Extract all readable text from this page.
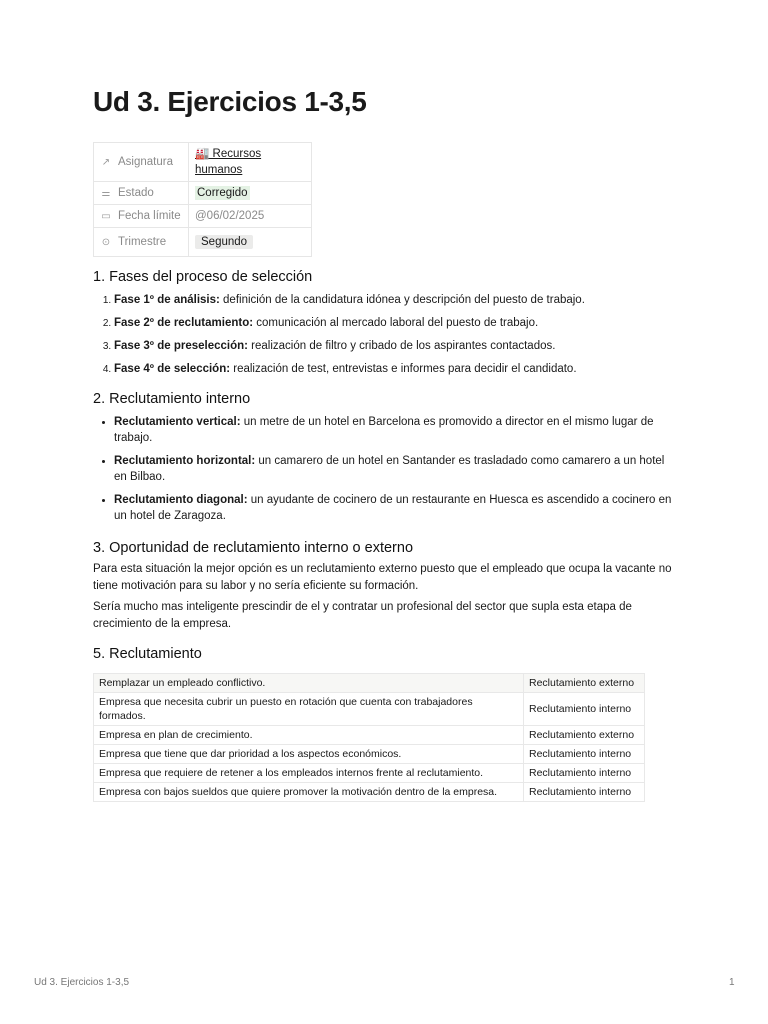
Ud 3. Ejercicios 1-3,5
↗ Asignatura	🏭 Recursos humanos
⚌ Estado	Corregido
▭ Fecha límite	@06/02/2025
⊙ Trimestre	Segundo
1. Fases del proceso de selección
1. Fase 1º de análisis: definición de la candidatura idónea y descripción del puesto de trabajo.
2. Fase 2º de reclutamiento: comunicación al mercado laboral del puesto de trabajo.
3. Fase 3º de preselección: realización de filtro y cribado de los aspirantes contactados.
4. Fase 4º de selección: realización de test, entrevistas e informes para decidir el candidato.
2. Reclutamiento interno
• Reclutamiento vertical: un metre de un hotel en Barcelona es promovido a director en el mismo lugar de trabajo.
• Reclutamiento horizontal: un camarero de un hotel en Santander es trasladado como camarero a un hotel en Bilbao.
• Reclutamiento diagonal: un ayudante de cocinero de un restaurante en Huesca es ascendido a cocinero en un hotel de Zaragoza.
3. Oportunidad de reclutamiento interno o externo

Para esta situación la mejor opción es un reclutamiento externo puesto que el empleado que ocupa la vacante no tiene motivación para su labor y no sería eficiente su formación.

Sería mucho mas inteligente prescindir de el y contratar un profesional del sector que supla esta etapa de crecimiento de la empresa.

5. Reclutamiento
Remplazar un empleado conflictivo.	Reclutamiento externo
Empresa que necesita cubrir un puesto en rotación que cuenta con trabajadores formados.	Reclutamiento interno
Empresa en plan de crecimiento.	Reclutamiento externo
Empresa que tiene que dar prioridad a los aspectos económicos.	Reclutamiento interno
Empresa que requiere de retener a los empleados internos frente al reclutamiento.	Reclutamiento interno
Empresa con bajos sueldos que quiere promover la motivación dentro de la empresa.	Reclutamiento interno
Ud 3. Ejercicios 1-3,5	1
